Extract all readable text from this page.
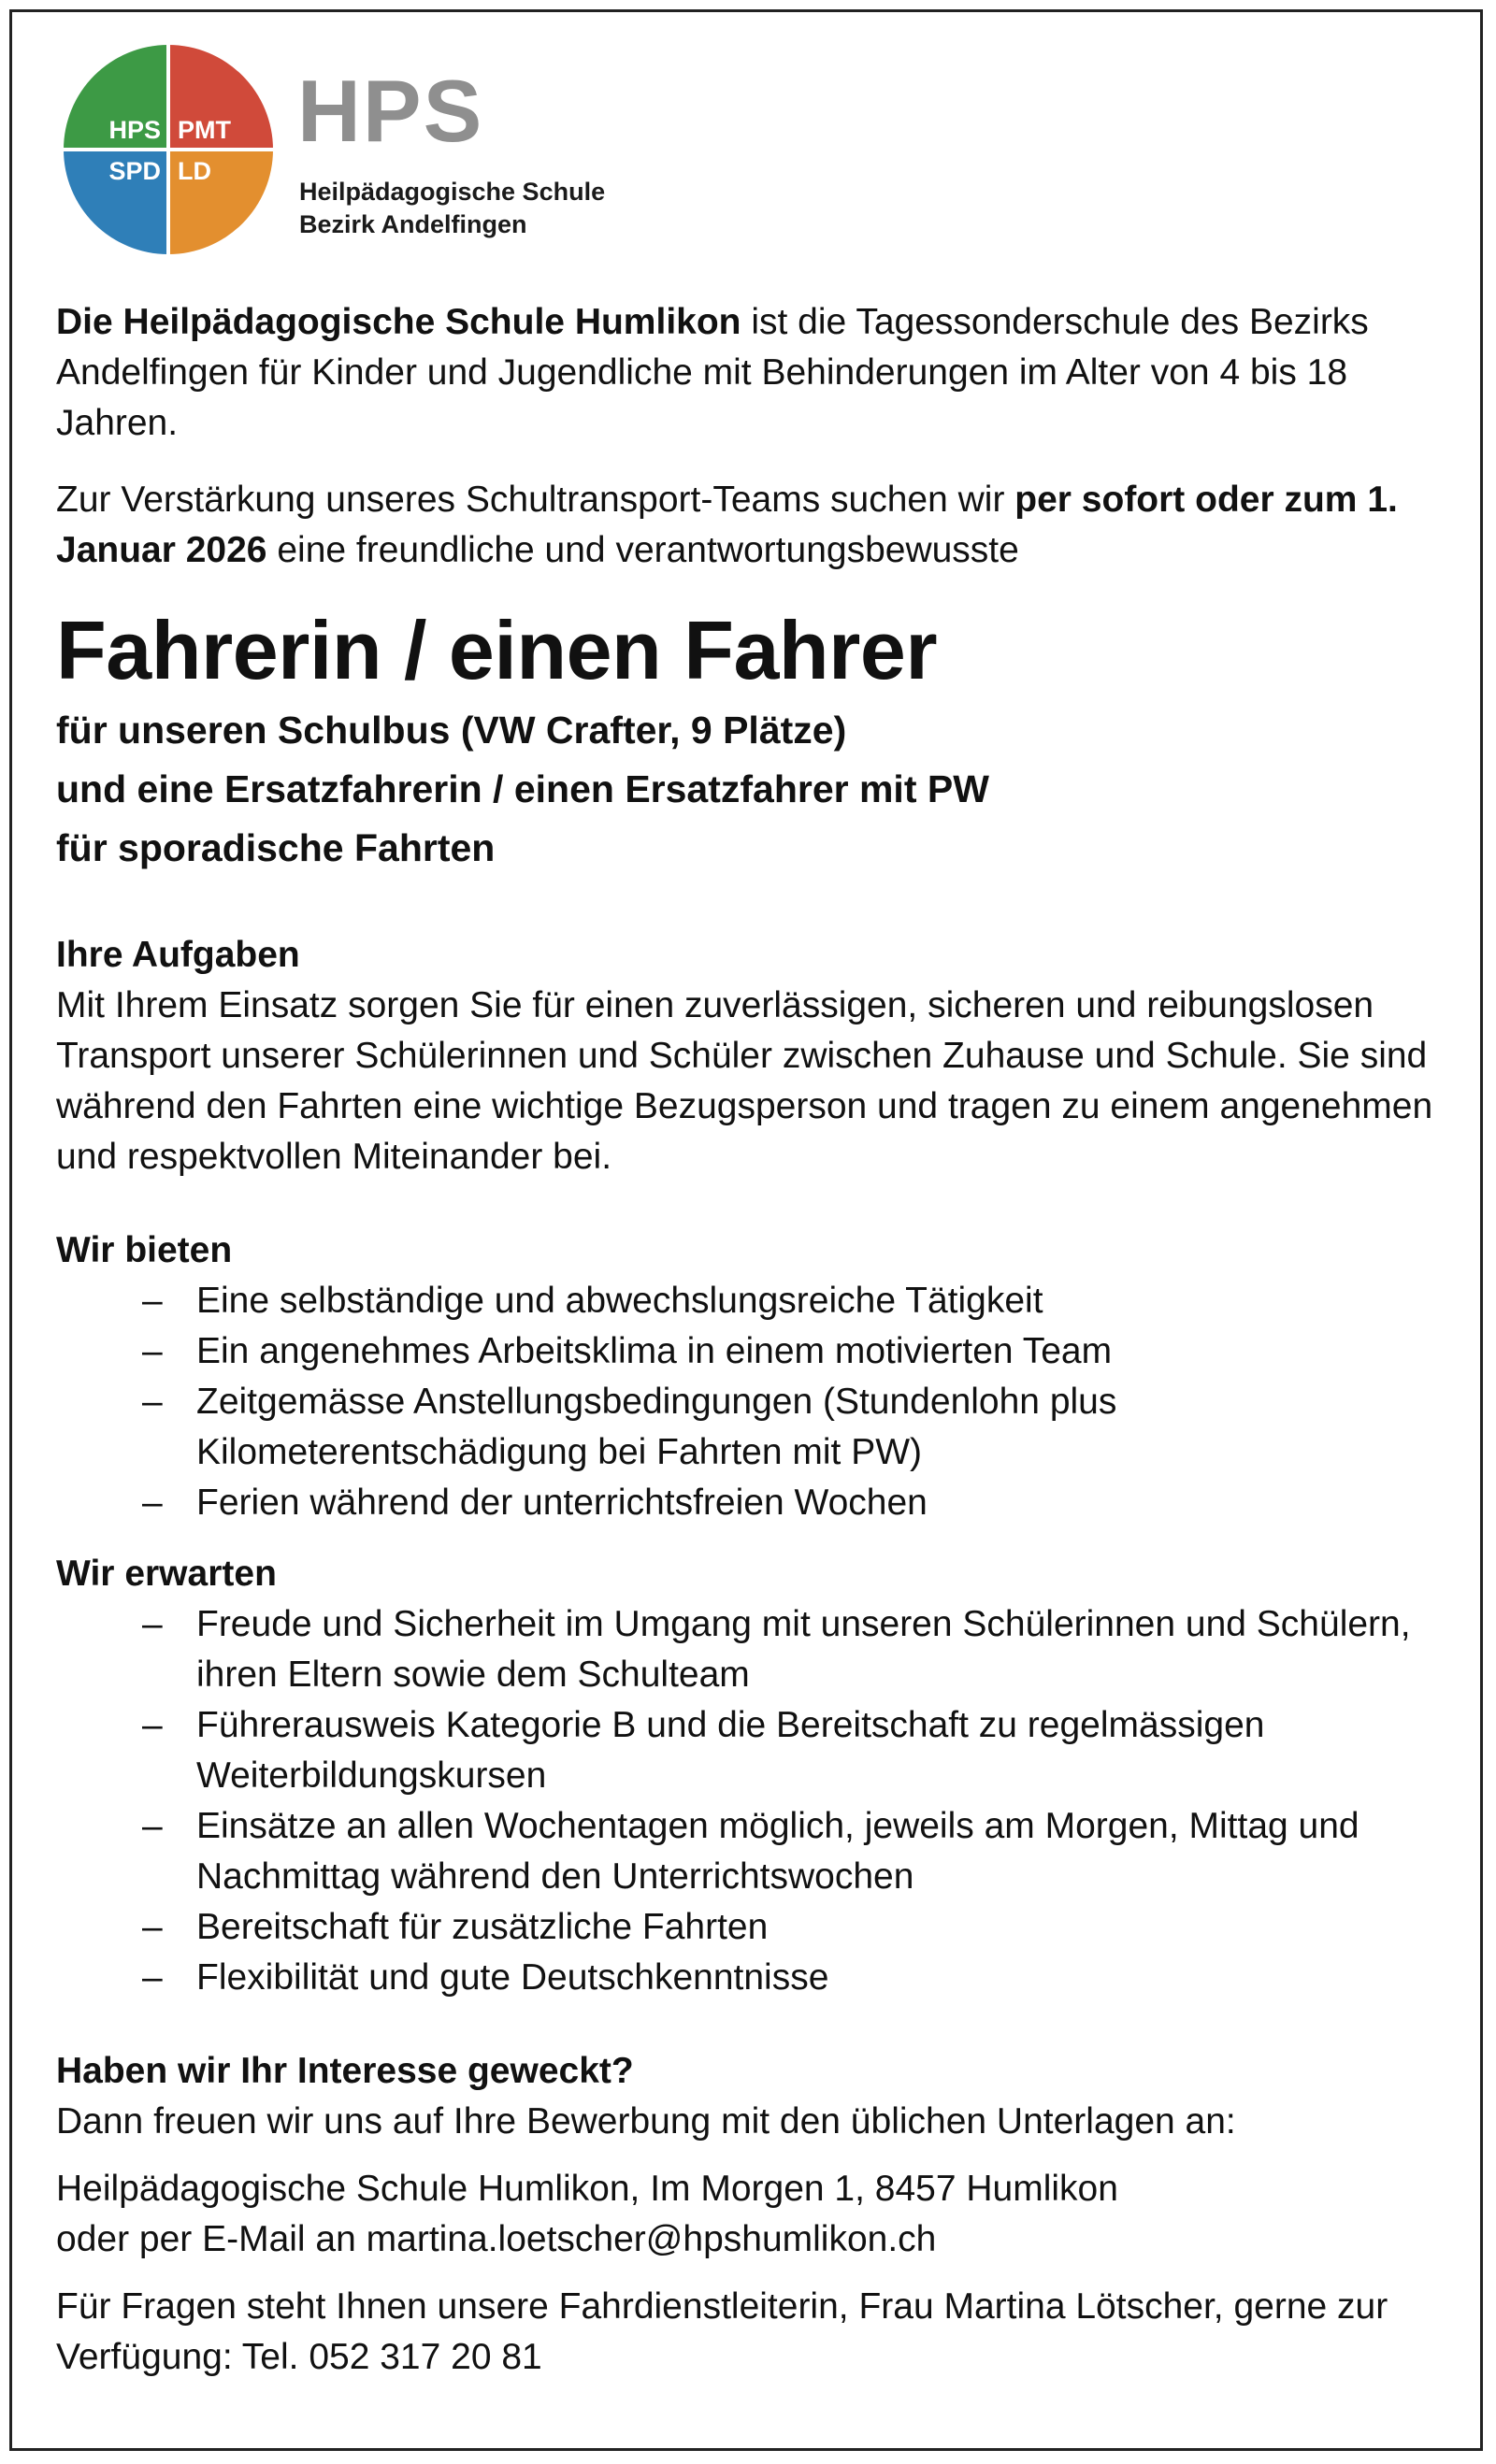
HPS PMT
SPD LD
HPS
Heilpädagogische Schule
Bezirk Andelfingen

Die Heilpädagogische Schule Humlikon ist die Tagessonderschule des Bezirks Andelfingen für Kinder und Jugendliche mit Behinderungen im Alter von 4 bis 18 Jahren.

Zur Verstärkung unseres Schultransport-Teams suchen wir per sofort oder zum 1. Januar 2026 eine freundliche und verantwortungsbewusste

Fahrerin / einen Fahrer
für unseren Schulbus (VW Crafter, 9 Plätze)
und eine Ersatzfahrerin / einen Ersatzfahrer mit PW
für sporadische Fahrten
Ihre Aufgaben

Mit Ihrem Einsatz sorgen Sie für einen zuverlässigen, sicheren und reibungslosen Transport unserer Schülerinnen und Schüler zwischen Zuhause und Schule. Sie sind während den Fahrten eine wichtige Bezugsperson und tragen zu einem angenehmen und respektvollen Miteinander bei.

Wir bieten
– Eine selbständige und abwechslungsreiche Tätigkeit
– Ein angenehmes Arbeitsklima in einem motivierten Team
– Zeitgemässe Anstellungsbedingungen (Stundenlohn plus Kilometerentschädigung bei Fahrten mit PW)
– Ferien während der unterrichtsfreien Wochen
Wir erwarten
– Freude und Sicherheit im Umgang mit unseren Schülerinnen und Schülern, ihren Eltern sowie dem Schulteam
– Führerausweis Kategorie B und die Bereitschaft zu regelmässigen Weiterbildungskursen
– Einsätze an allen Wochentagen möglich, jeweils am Morgen, Mittag und Nachmittag während den Unterrichtswochen
– Bereitschaft für zusätzliche Fahrten
– Flexibilität und gute Deutschkenntnisse
Haben wir Ihr Interesse geweckt?

Dann freuen wir uns auf Ihre Bewerbung mit den üblichen Unterlagen an:

Heilpädagogische Schule Humlikon, Im Morgen 1, 8457 Humlikon
oder per E-Mail an martina.loetscher@hpshumlikon.ch

Für Fragen steht Ihnen unsere Fahrdienstleiterin, Frau Martina Lötscher, gerne zur Verfügung: Tel. 052 317 20 81
